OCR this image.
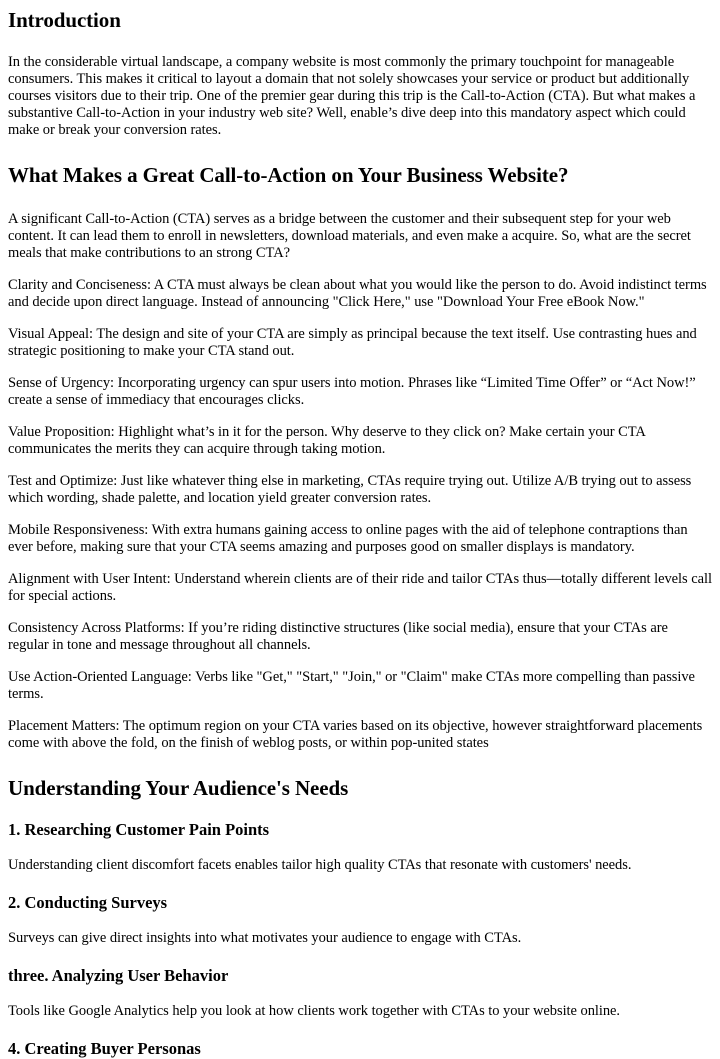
Introduction

In the considerable virtual landscape, a company website is most commonly the primary touchpoint for manageable consumers. This makes it critical to layout a domain that not solely showcases your service or product but additionally courses visitors due to their trip. One of the premier gear during this trip is the Call-to-Action (CTA). But what makes a substantive Call-to-Action in your industry web site? Well, enable’s dive deep into this mandatory aspect which could make or break your conversion rates.

What Makes a Great Call-to-Action on Your Business Website?

A significant Call-to-Action (CTA) serves as a bridge between the customer and their subsequent step for your web content. It can lead them to enroll in newsletters, download materials, and even make a acquire. So, what are the secret meals that make contributions to an strong CTA?

Clarity and Conciseness: A CTA must always be clean about what you would like the person to do. Avoid indistinct terms and decide upon direct language. Instead of announcing "Click Here," use "Download Your Free eBook Now."

Visual Appeal: The design and site of your CTA are simply as principal because the text itself. Use contrasting hues and strategic positioning to make your CTA stand out.

Sense of Urgency: Incorporating urgency can spur users into motion. Phrases like “Limited Time Offer” or “Act Now!” create a sense of immediacy that encourages clicks.

Value Proposition: Highlight what’s in it for the person. Why deserve to they click on? Make certain your CTA communicates the merits they can acquire through taking motion.

Test and Optimize: Just like whatever thing else in marketing, CTAs require trying out. Utilize A/B trying out to assess which wording, shade palette, and location yield greater conversion rates.

Mobile Responsiveness: With extra humans gaining access to online pages with the aid of telephone contraptions than ever before, making sure that your CTA seems amazing and purposes good on smaller displays is mandatory.

Alignment with User Intent: Understand wherein clients are of their ride and tailor CTAs thus—totally different levels call for special actions.

Consistency Across Platforms: If you’re riding distinctive structures (like social media), ensure that your CTAs are regular in tone and message throughout all channels.

Use Action-Oriented Language: Verbs like "Get," "Start," "Join," or "Claim" make CTAs more compelling than passive terms.

Placement Matters: The optimum region on your CTA varies based on its objective, however straightforward placements come with above the fold, on the finish of weblog posts, or within pop-united states

Understanding Your Audience's Needs
1. Researching Customer Pain Points

Understanding client discomfort facets enables tailor high quality CTAs that resonate with customers' needs.

2. Conducting Surveys

Surveys can give direct insights into what motivates your audience to engage with CTAs.

three. Analyzing User Behavior

Tools like Google Analytics help you look at how clients work together with CTAs to your website online.

4. Creating Buyer Personas
